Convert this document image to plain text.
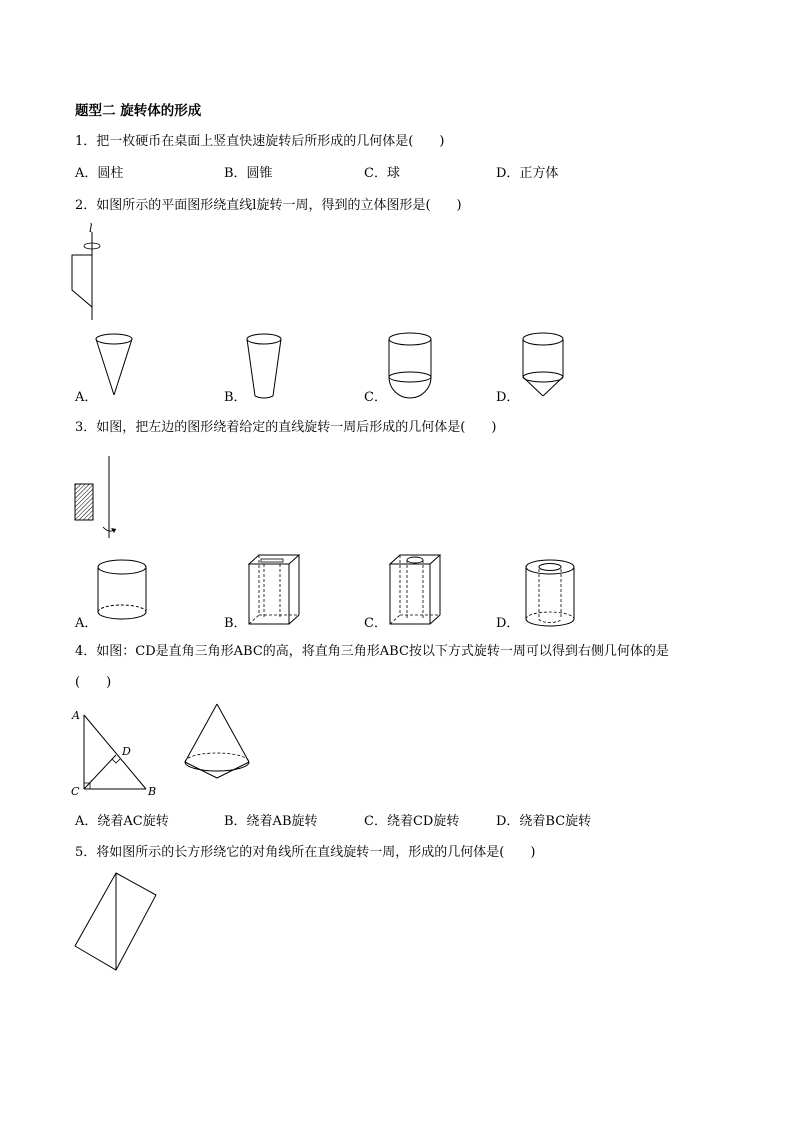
题型二 旋转体的形成
1．把一枚硬币在桌面上竖直快速旋转后所形成的几何体是(　　)
A．圆柱	B．圆锥	C．球	D．正方体
2．如图所示的平面图形绕直线l旋转一周，得到的立体图形是(　　)
l
A．	B．	C．	D．
3．如图，把左边的图形绕着给定的直线旋转一周后形成的几何体是(　　)
A．	B．	C．	D．
4．如图：CD是直角三角形ABC的高，将直角三角形ABC按以下方式旋转一周可以得到右侧几何体的是
(　　)
A
D
C	B
A．绕着AC旋转	B．绕着AB旋转	C．绕着CD旋转	D．绕着BC旋转
5．将如图所示的长方形绕它的对角线所在直线旋转一周，形成的几何体是(　　)
